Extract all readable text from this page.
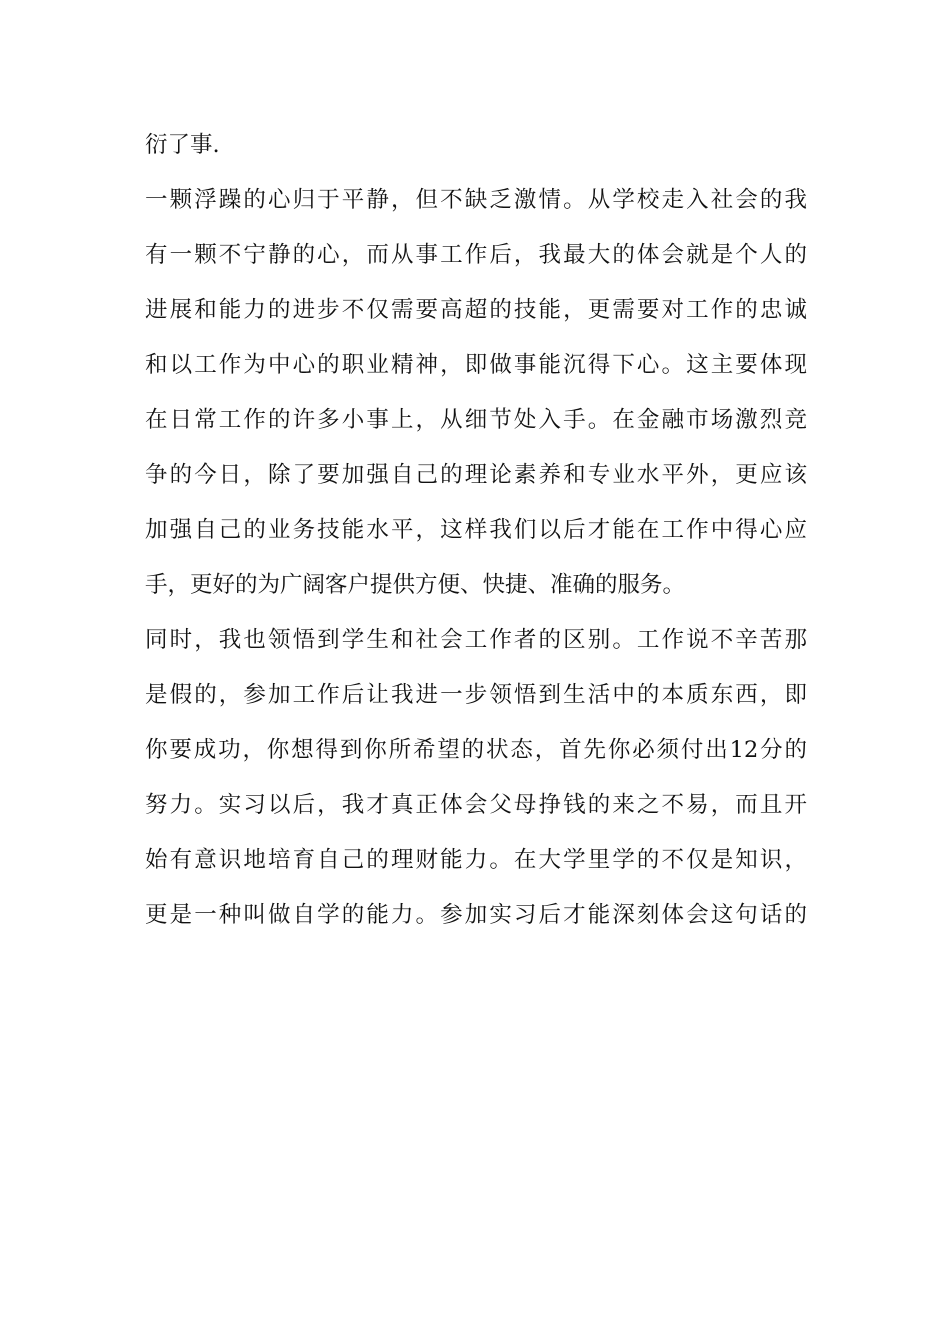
衍了事.
一颗浮躁的心归于平静，但不缺乏激情。从学校走入社会的我
有一颗不宁静的心，而从事工作后，我最大的体会就是个人的
进展和能力的进步不仅需要高超的技能，更需要对工作的忠诚
和以工作为中心的职业精神，即做事能沉得下心。这主要体现
在日常工作的许多小事上，从细节处入手。在金融市场激烈竞
争的今日，除了要加强自己的理论素养和专业水平外，更应该
加强自己的业务技能水平，这样我们以后才能在工作中得心应
手，更好的为广阔客户提供方便、快捷、准确的服务。
同时，我也领悟到学生和社会工作者的区别。工作说不辛苦那
是假的，参加工作后让我进一步领悟到生活中的本质东西，即
你要成功，你想得到你所希望的状态，首先你必须付出12分的
努力。实习以后，我才真正体会父母挣钱的来之不易，而且开
始有意识地培育自己的理财能力。在大学里学的不仅是知识，
更是一种叫做自学的能力。参加实习后才能深刻体会这句话的
